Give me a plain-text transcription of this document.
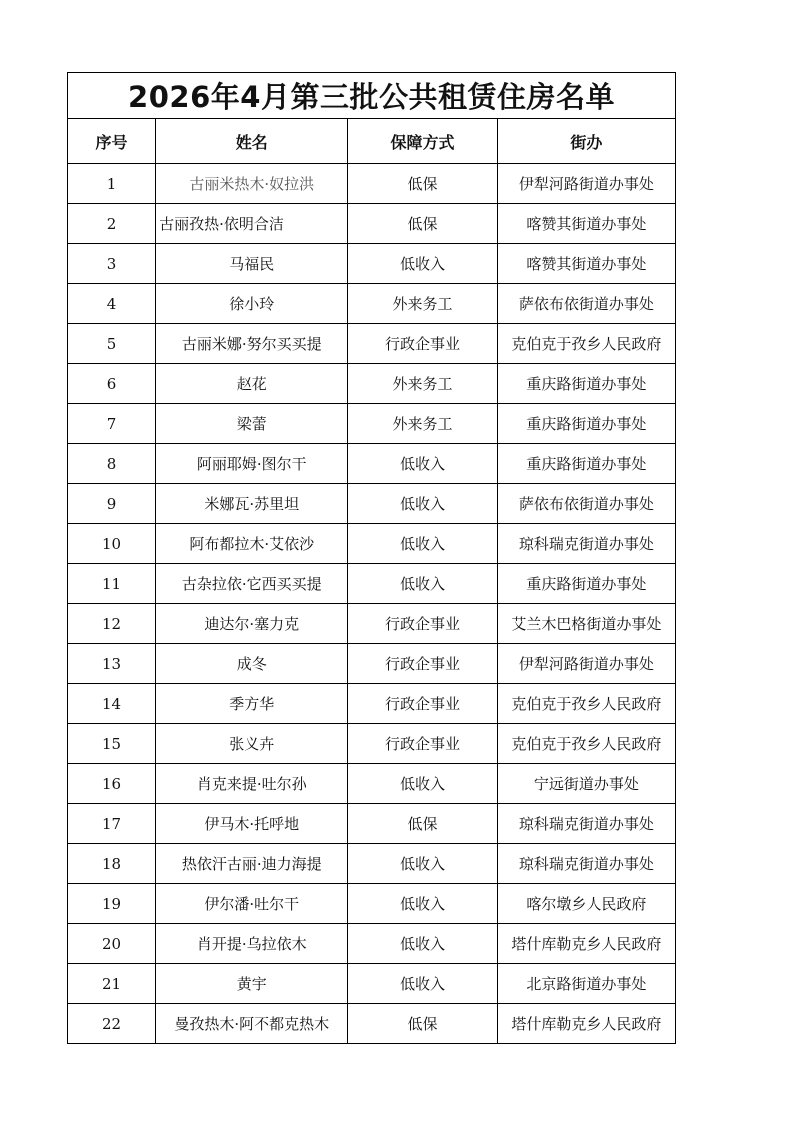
2026年4月第三批公共租赁住房名单			
序号	姓名	保障方式	街办
1	古丽米热木·奴拉洪	低保	伊犁河路街道办事处
2	古丽孜热·依明合洁	低保	喀赞其街道办事处
3	马福民	低收入	喀赞其街道办事处
4	徐小玲	外来务工	萨依布依街道办事处
5	古丽米娜·努尔买买提	行政企事业	克伯克于孜乡人民政府
6	赵花	外来务工	重庆路街道办事处
7	梁蕾	外来务工	重庆路街道办事处
8	阿丽耶姆·图尔干	低收入	重庆路街道办事处
9	米娜瓦·苏里坦	低收入	萨依布依街道办事处
10	阿布都拉木·艾依沙	低收入	琼科瑞克街道办事处
11	古杂拉依·它西买买提	低收入	重庆路街道办事处
12	迪达尔·塞力克	行政企事业	艾兰木巴格街道办事处
13	成冬	行政企事业	伊犁河路街道办事处
14	季方华	行政企事业	克伯克于孜乡人民政府
15	张义卉	行政企事业	克伯克于孜乡人民政府
16	肖克来提·吐尔孙	低收入	宁远街道办事处
17	伊马木·托呼地	低保	琼科瑞克街道办事处
18	热依汗古丽·迪力海提	低收入	琼科瑞克街道办事处
19	伊尔潘·吐尔干	低收入	喀尔墩乡人民政府
20	肖开提·乌拉依木	低收入	塔什库勒克乡人民政府
21	黄宇	低收入	北京路街道办事处
22	曼孜热木·阿不都克热木	低保	塔什库勒克乡人民政府
